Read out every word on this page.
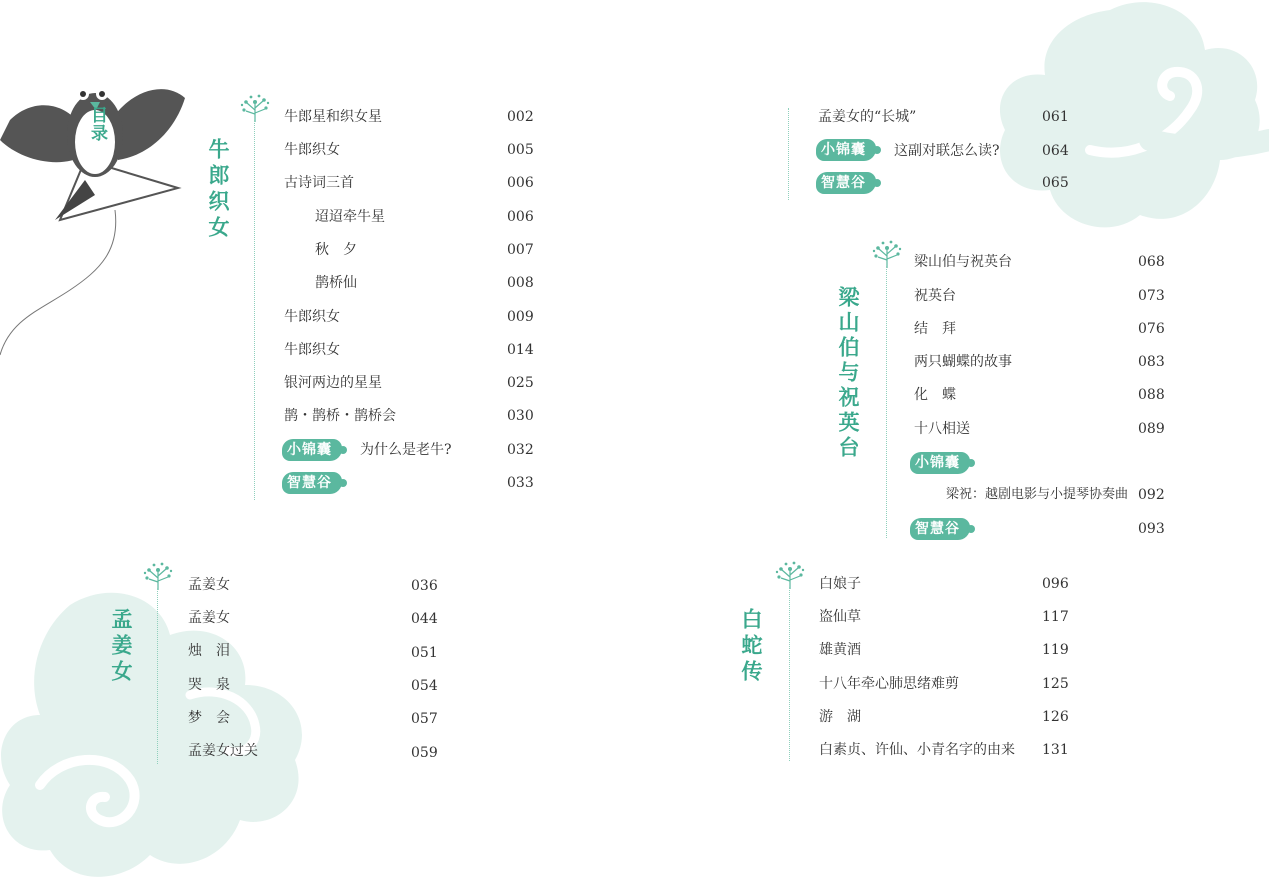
目录
牛郎织女
牛郎星和织女星	002
牛郎织女	005
古诗词三首	006
迢迢牵牛星	006
秋　夕	007
鹊桥仙	008
牛郎织女	009
牛郎织女	014
银河两边的星星	025
鹊・鹊桥・鹊桥会	030
小锦囊	为什么是老牛?	032
智慧谷	033
孟姜女
孟姜女	036
孟姜女	044
烛　泪	051
哭　泉	054
梦　会	057
孟姜女过关	059
孟姜女的“长城”	061
小锦囊	这副对联怎么读?	064
智慧谷	065
梁山伯与祝英台
梁山伯与祝英台	068
祝英台	073
结　拜	076
两只蝴蝶的故事	083
化　蝶	088
十八相送	089
小锦囊
梁祝：越剧电影与小提琴协奏曲 092
智慧谷	093
白蛇传
白娘子	096
盗仙草	117
雄黄酒	119
十八年牵心肺思绪难剪	125
游　湖	126
白素贞、许仙、小青名字的由来 131
